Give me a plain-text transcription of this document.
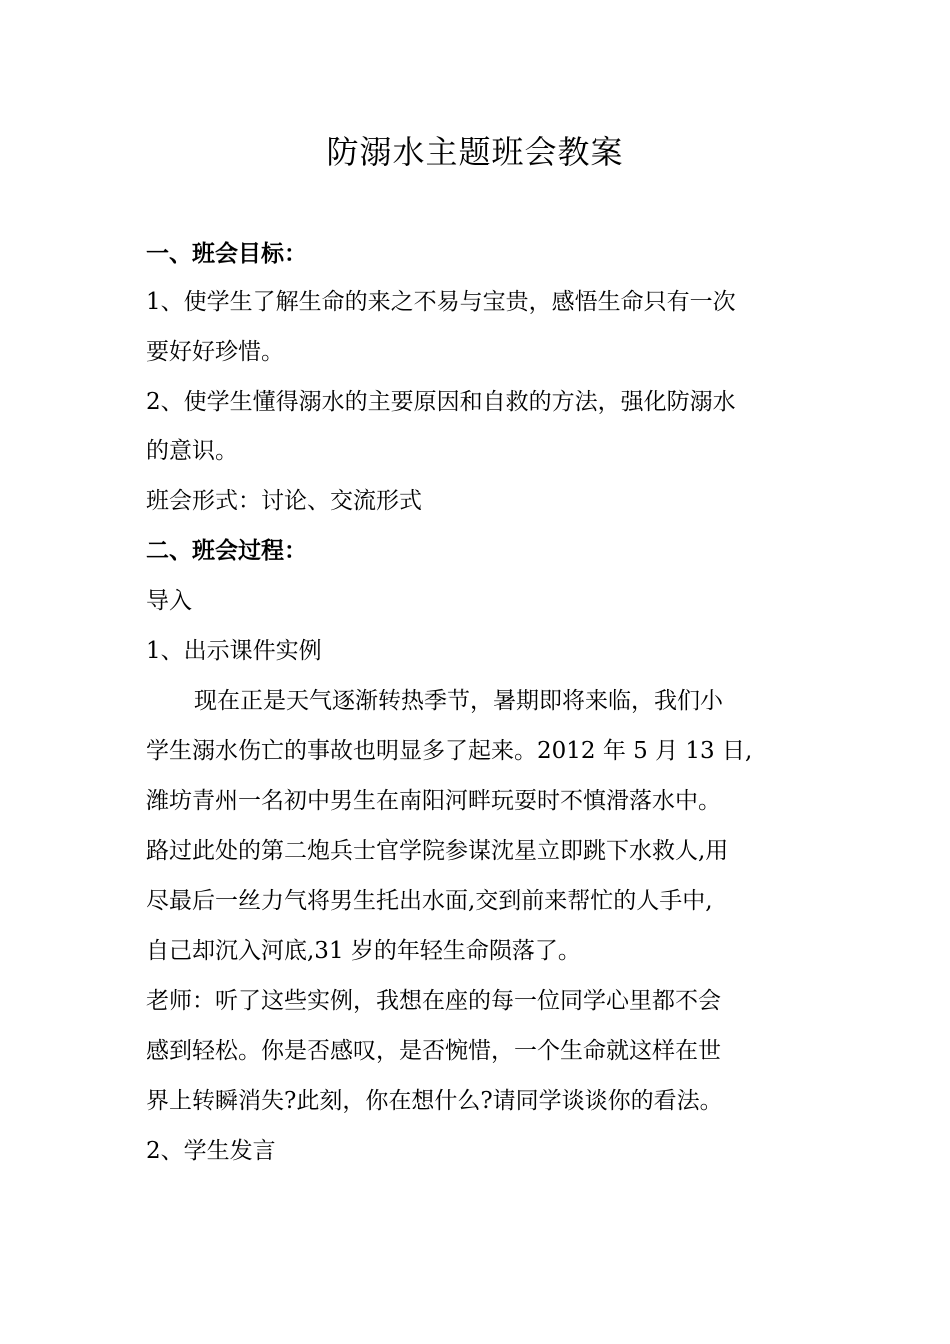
防溺水主题班会教案
一、班会目标：
1、使学生了解生命的来之不易与宝贵，感悟生命只有一次
要好好珍惜。
2、使学生懂得溺水的主要原因和自救的方法，强化防溺水
的意识。
班会形式：讨论、交流形式
二、班会过程：
导入
1、出示课件实例
现在正是天气逐渐转热季节，暑期即将来临，我们小
学生溺水伤亡的事故也明显多了起来。2012 年 5 月 13 日,
潍坊青州一名初中男生在南阳河畔玩耍时不慎滑落水中。
路过此处的第二炮兵士官学院参谋沈星立即跳下水救人,用
尽最后一丝力气将男生托出水面,交到前来帮忙的人手中,
自己却沉入河底,31 岁的年轻生命陨落了。
老师：听了这些实例，我想在座的每一位同学心里都不会
感到轻松。你是否感叹，是否惋惜，一个生命就这样在世
界上转瞬消失?此刻，你在想什么?请同学谈谈你的看法。
2、学生发言
